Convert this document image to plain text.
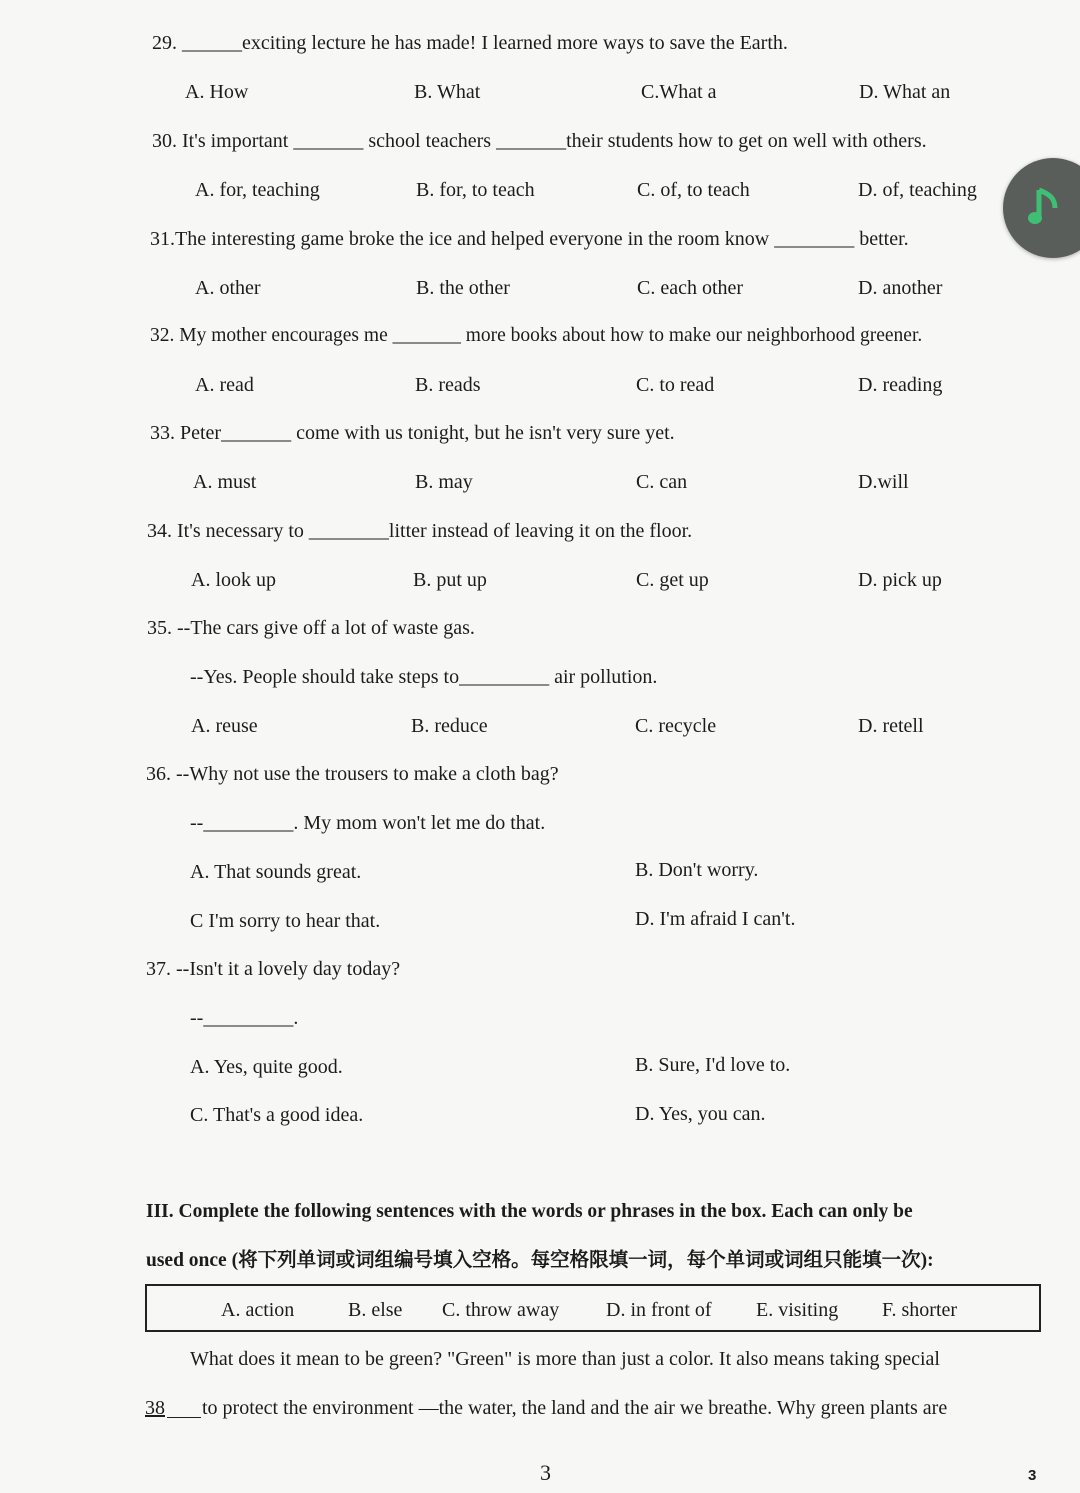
29. ______exciting lecture he has made! I learned more ways to save the Earth.
A. How	B. What	C.What a	D. What an
30. It's important _______ school teachers _______their students how to get on well with others.
A. for, teaching	B. for, to teach	C. of, to teach	D. of, teaching
31.The interesting game broke the ice and helped everyone in the room know ________ better.
A. other	B. the other	C. each other	D. another
32. My mother encourages me _______ more books about how to make our neighborhood greener.
A. read	B. reads	C. to read	D. reading
33. Peter_______ come with us tonight, but he isn't very sure yet.
A. must	B. may	C. can	D.will
34. It's necessary to ________litter instead of leaving it on the floor.
A. look up	B. put up	C. get up	D. pick up
35. --The cars give off a lot of waste gas.
--Yes. People should take steps to_________ air pollution.
A. reuse	B. reduce	C. recycle	D. retell
36. --Why not use the trousers to make a cloth bag?
--_________. My mom won't let me do that.
A. That sounds great.	B. Don't worry.
C I'm sorry to hear that.	D. I'm afraid I can't.
37. --Isn't it a lovely day today?
--_________.
A. Yes, quite good.	B. Sure, I'd love to.
C. That's a good idea.	D. Yes, you can.
III. Complete the following sentences with the words or phrases in the box. Each can only be
used once (将下列单词或词组编号填入空格。每空格限填一词，每个单词或词组只能填一次):
A. action	B. else C. throw away D. in front of E. visiting F. shorter
What does it mean to be green? "Green" is more than just a color. It also means taking special
38 to protect the environment —the water, the land and the air we breathe. Why green plants are
3	3
